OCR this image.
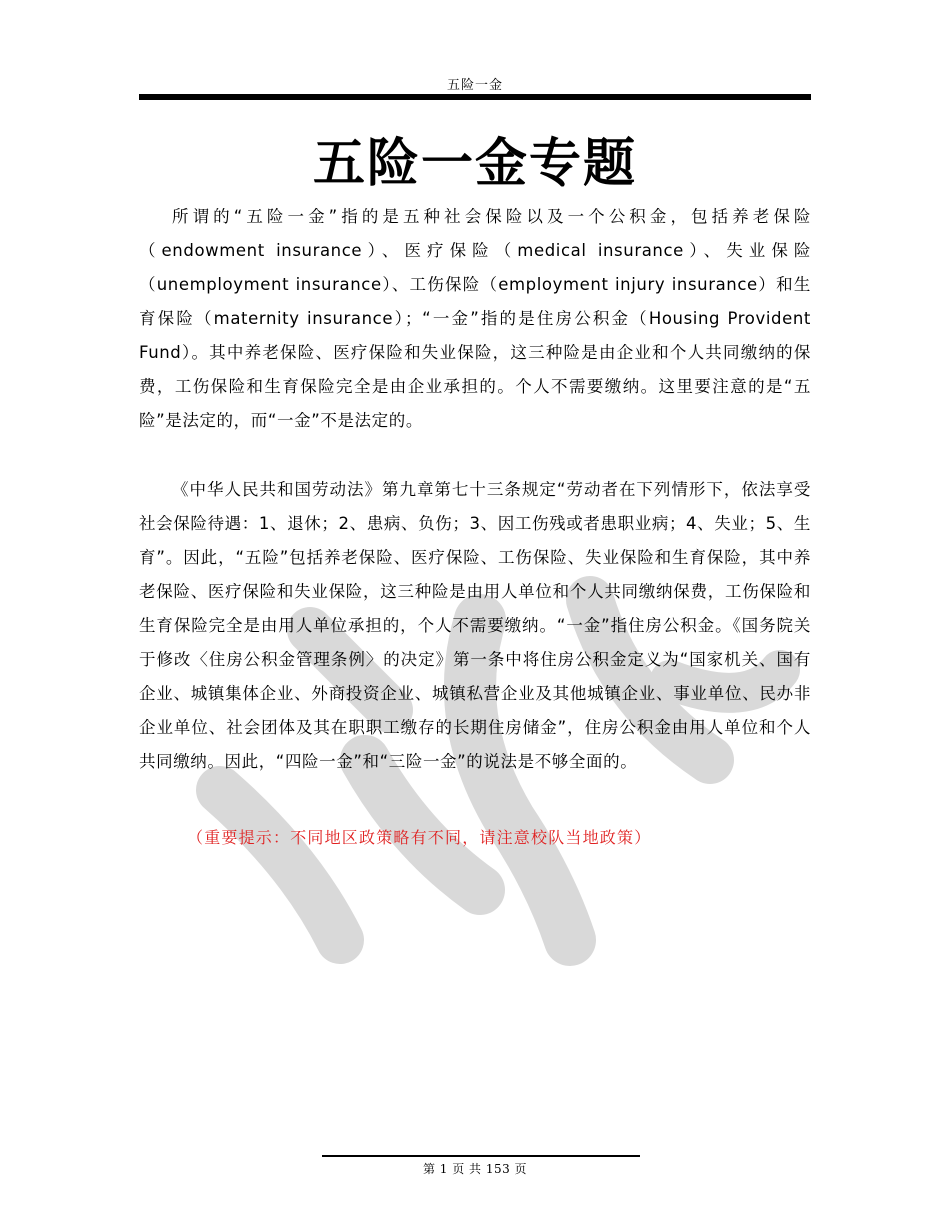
五险一金
五险一金专题

所谓的“五险一金”指的是五种社会保险以及一个公积金，包括养老保险（endowment insurance）、医疗保险（medical insurance）、失业保险（unemployment insurance）、工伤保险（employment injury insurance）和生育保险（maternity insurance）；“一金”指的是住房公积金（Housing Provident Fund）。其中养老保险、医疗保险和失业保险，这三种险是由企业和个人共同缴纳的保费，工伤保险和生育保险完全是由企业承担的。个人不需要缴纳。这里要注意的是“五险”是法定的，而“一金”不是法定的。

《中华人民共和国劳动法》第九章第七十三条规定“劳动者在下列情形下，依法享受社会保险待遇：1、退休；2、患病、负伤；3、因工伤残或者患职业病；4、失业；5、生育”。因此，“五险”包括养老保险、医疗保险、工伤保险、失业保险和生育保险，其中养老保险、医疗保险和失业保险，这三种险是由用人单位和个人共同缴纳保费，工伤保险和生育保险完全是由用人单位承担的，个人不需要缴纳。“一金”指住房公积金。《国务院关于修改〈住房公积金管理条例〉的决定》第一条中将住房公积金定义为“国家机关、国有企业、城镇集体企业、外商投资企业、城镇私营企业及其他城镇企业、事业单位、民办非企业单位、社会团体及其在职职工缴存的长期住房储金”，住房公积金由用人单位和个人共同缴纳。因此，“四险一金”和“三险一金”的说法是不够全面的。

（重要提示：不同地区政策略有不同，请注意校队当地政策）
第 1 页 共 153 页
